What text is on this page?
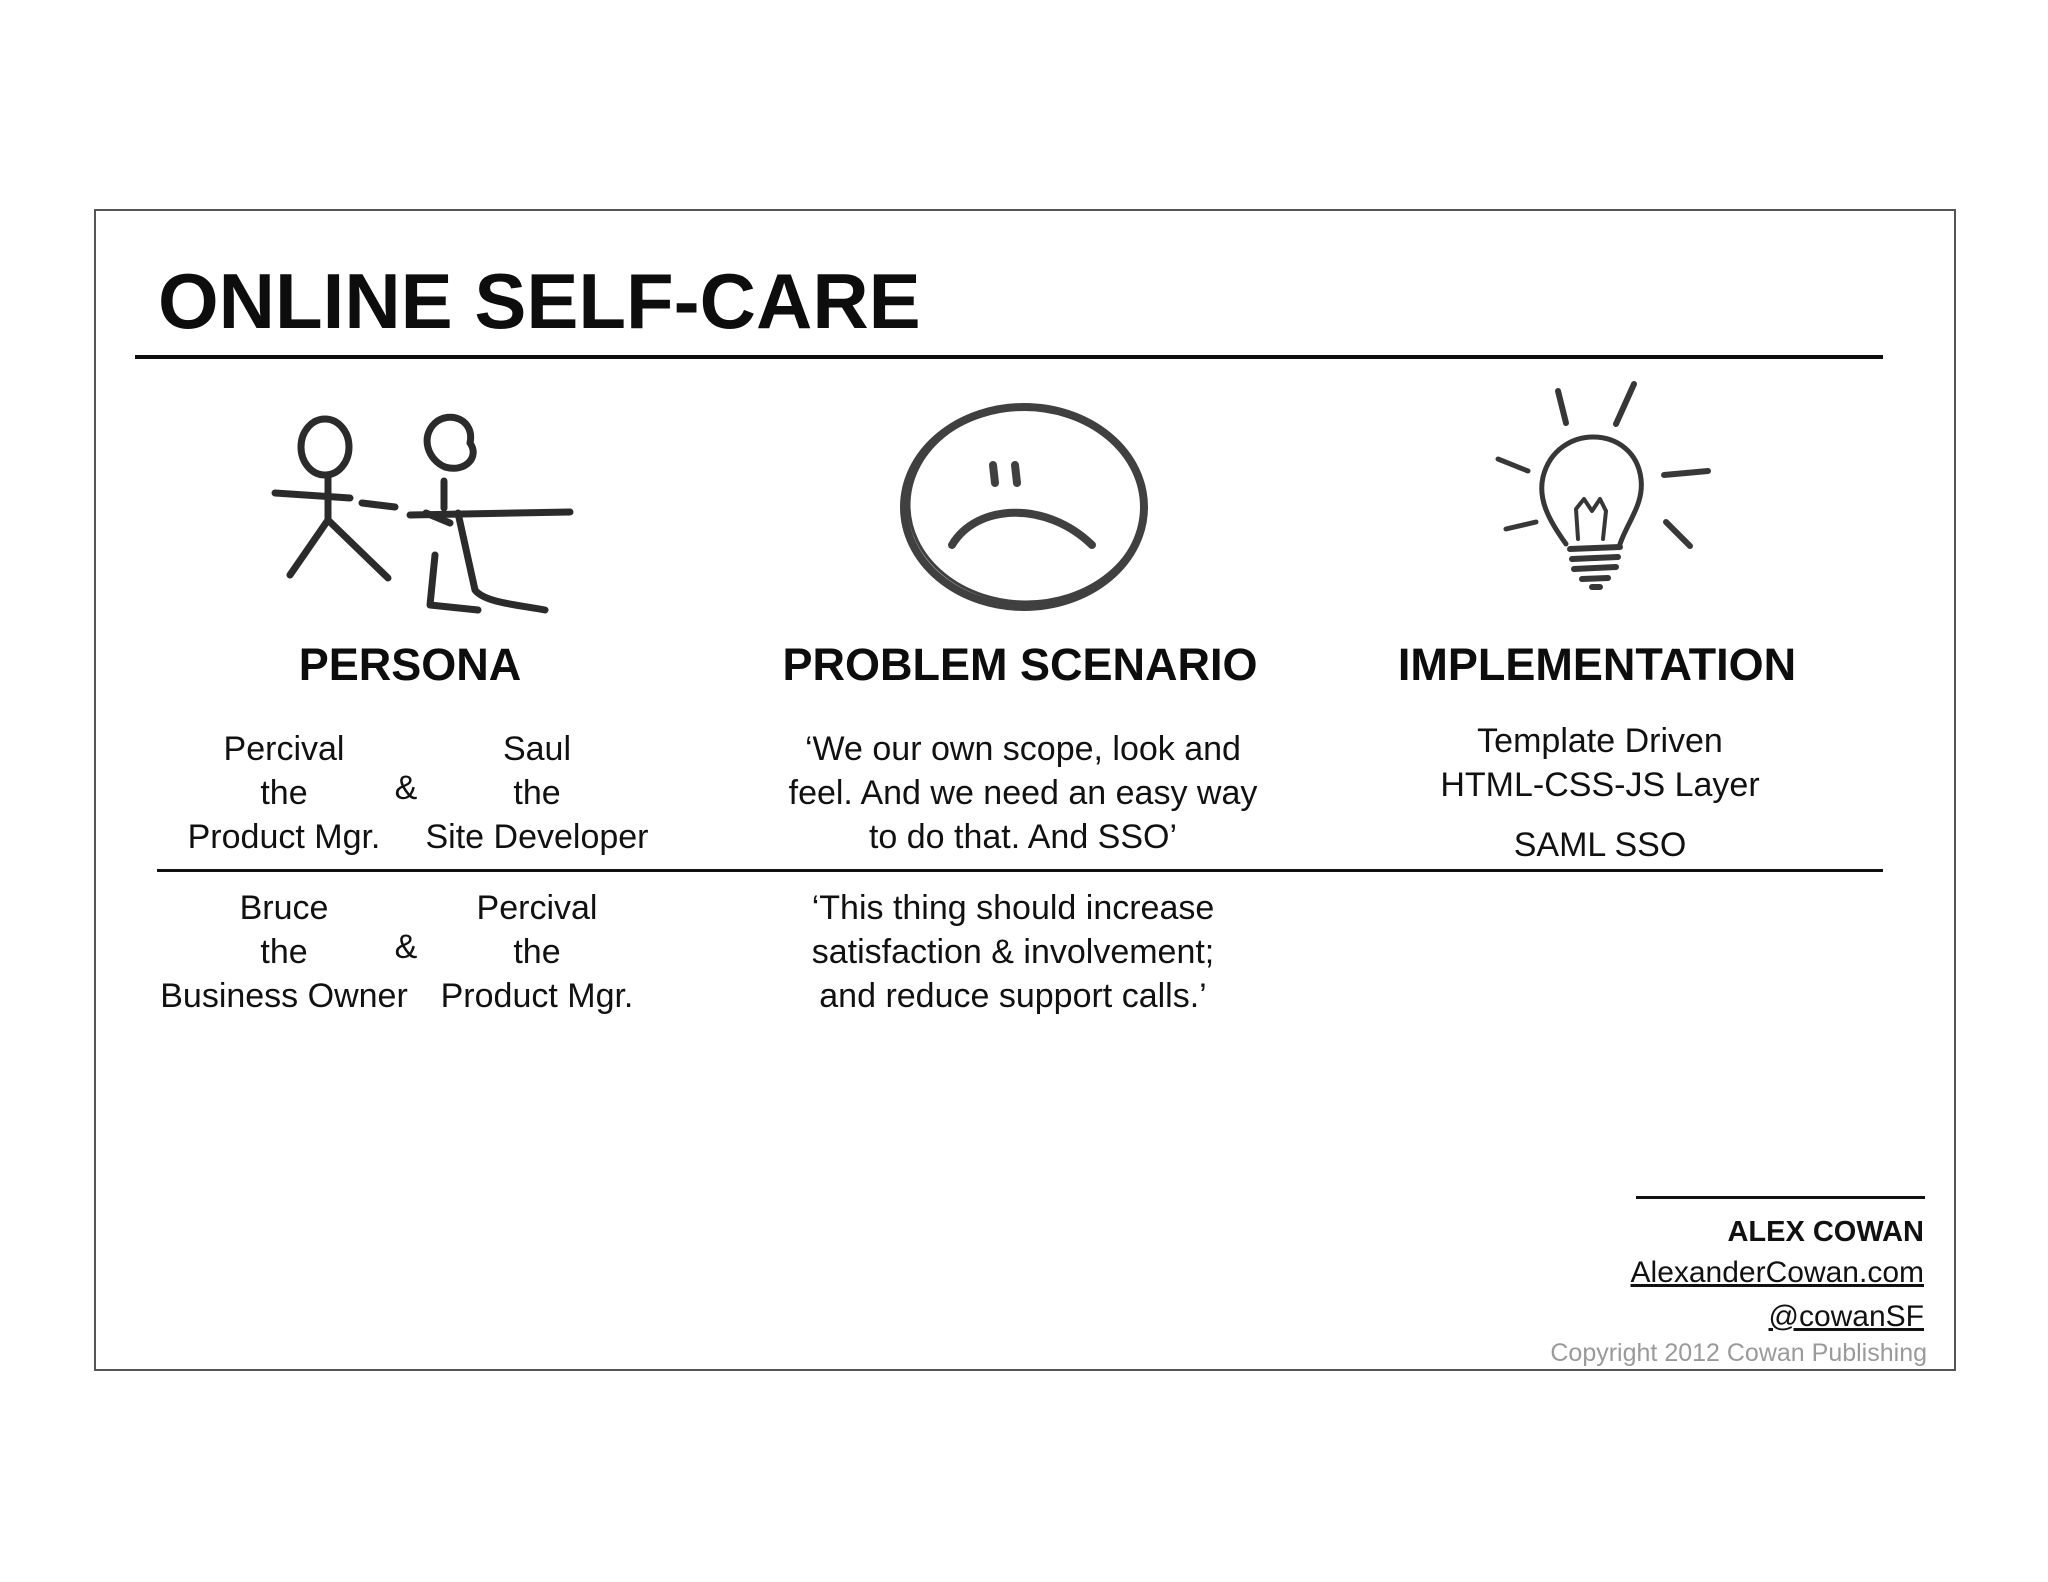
ONLINE SELF-CARE
PERSONA	PROBLEM SCENARIO	IMPLEMENTATION
Percival
the
Product Mgr.
&
Saul
the
Site Developer
‘We our own scope, look and
feel. And we need an easy way
to do that. And SSO’
Template Driven
HTML-CSS-JS Layer
SAML SSO
Bruce
the
Business Owner
&
Percival
the
Product Mgr.
‘This thing should increase
satisfaction & involvement;
and reduce support calls.’
ALEX COWAN
AlexanderCowan.com
@cowanSF
Copyright 2012 Cowan Publishing
